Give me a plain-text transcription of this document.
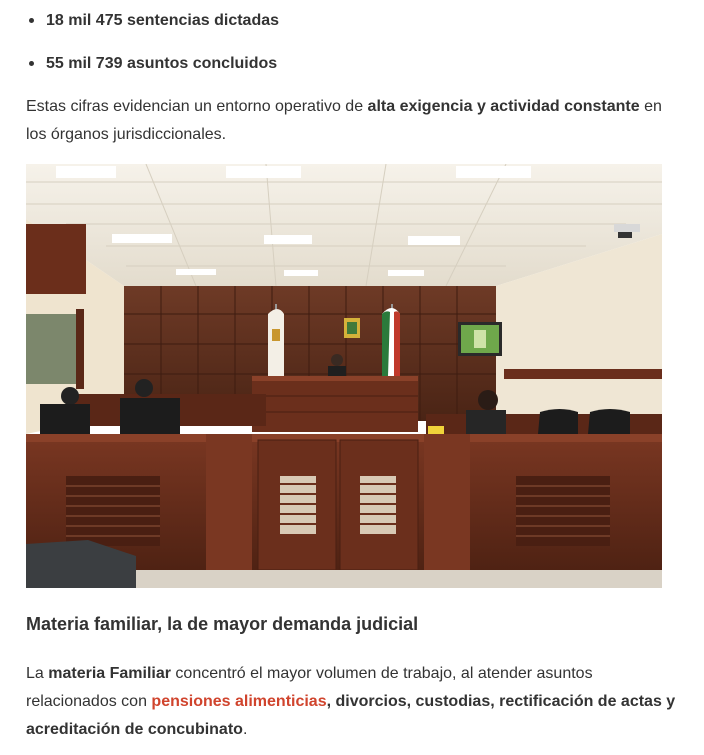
18 mil 475 sentencias dictadas
55 mil 739 asuntos concluidos

Estas cifras evidencian un entorno operativo de alta exigencia y actividad constante en los órganos jurisdiccionales.

Materia familiar, la de mayor demanda judicial

La materia Familiar concentró el mayor volumen de trabajo, al atender asuntos relacionados con pensiones alimenticias, divorcios, custodias, rectificación de actas y acreditación de concubinato.
